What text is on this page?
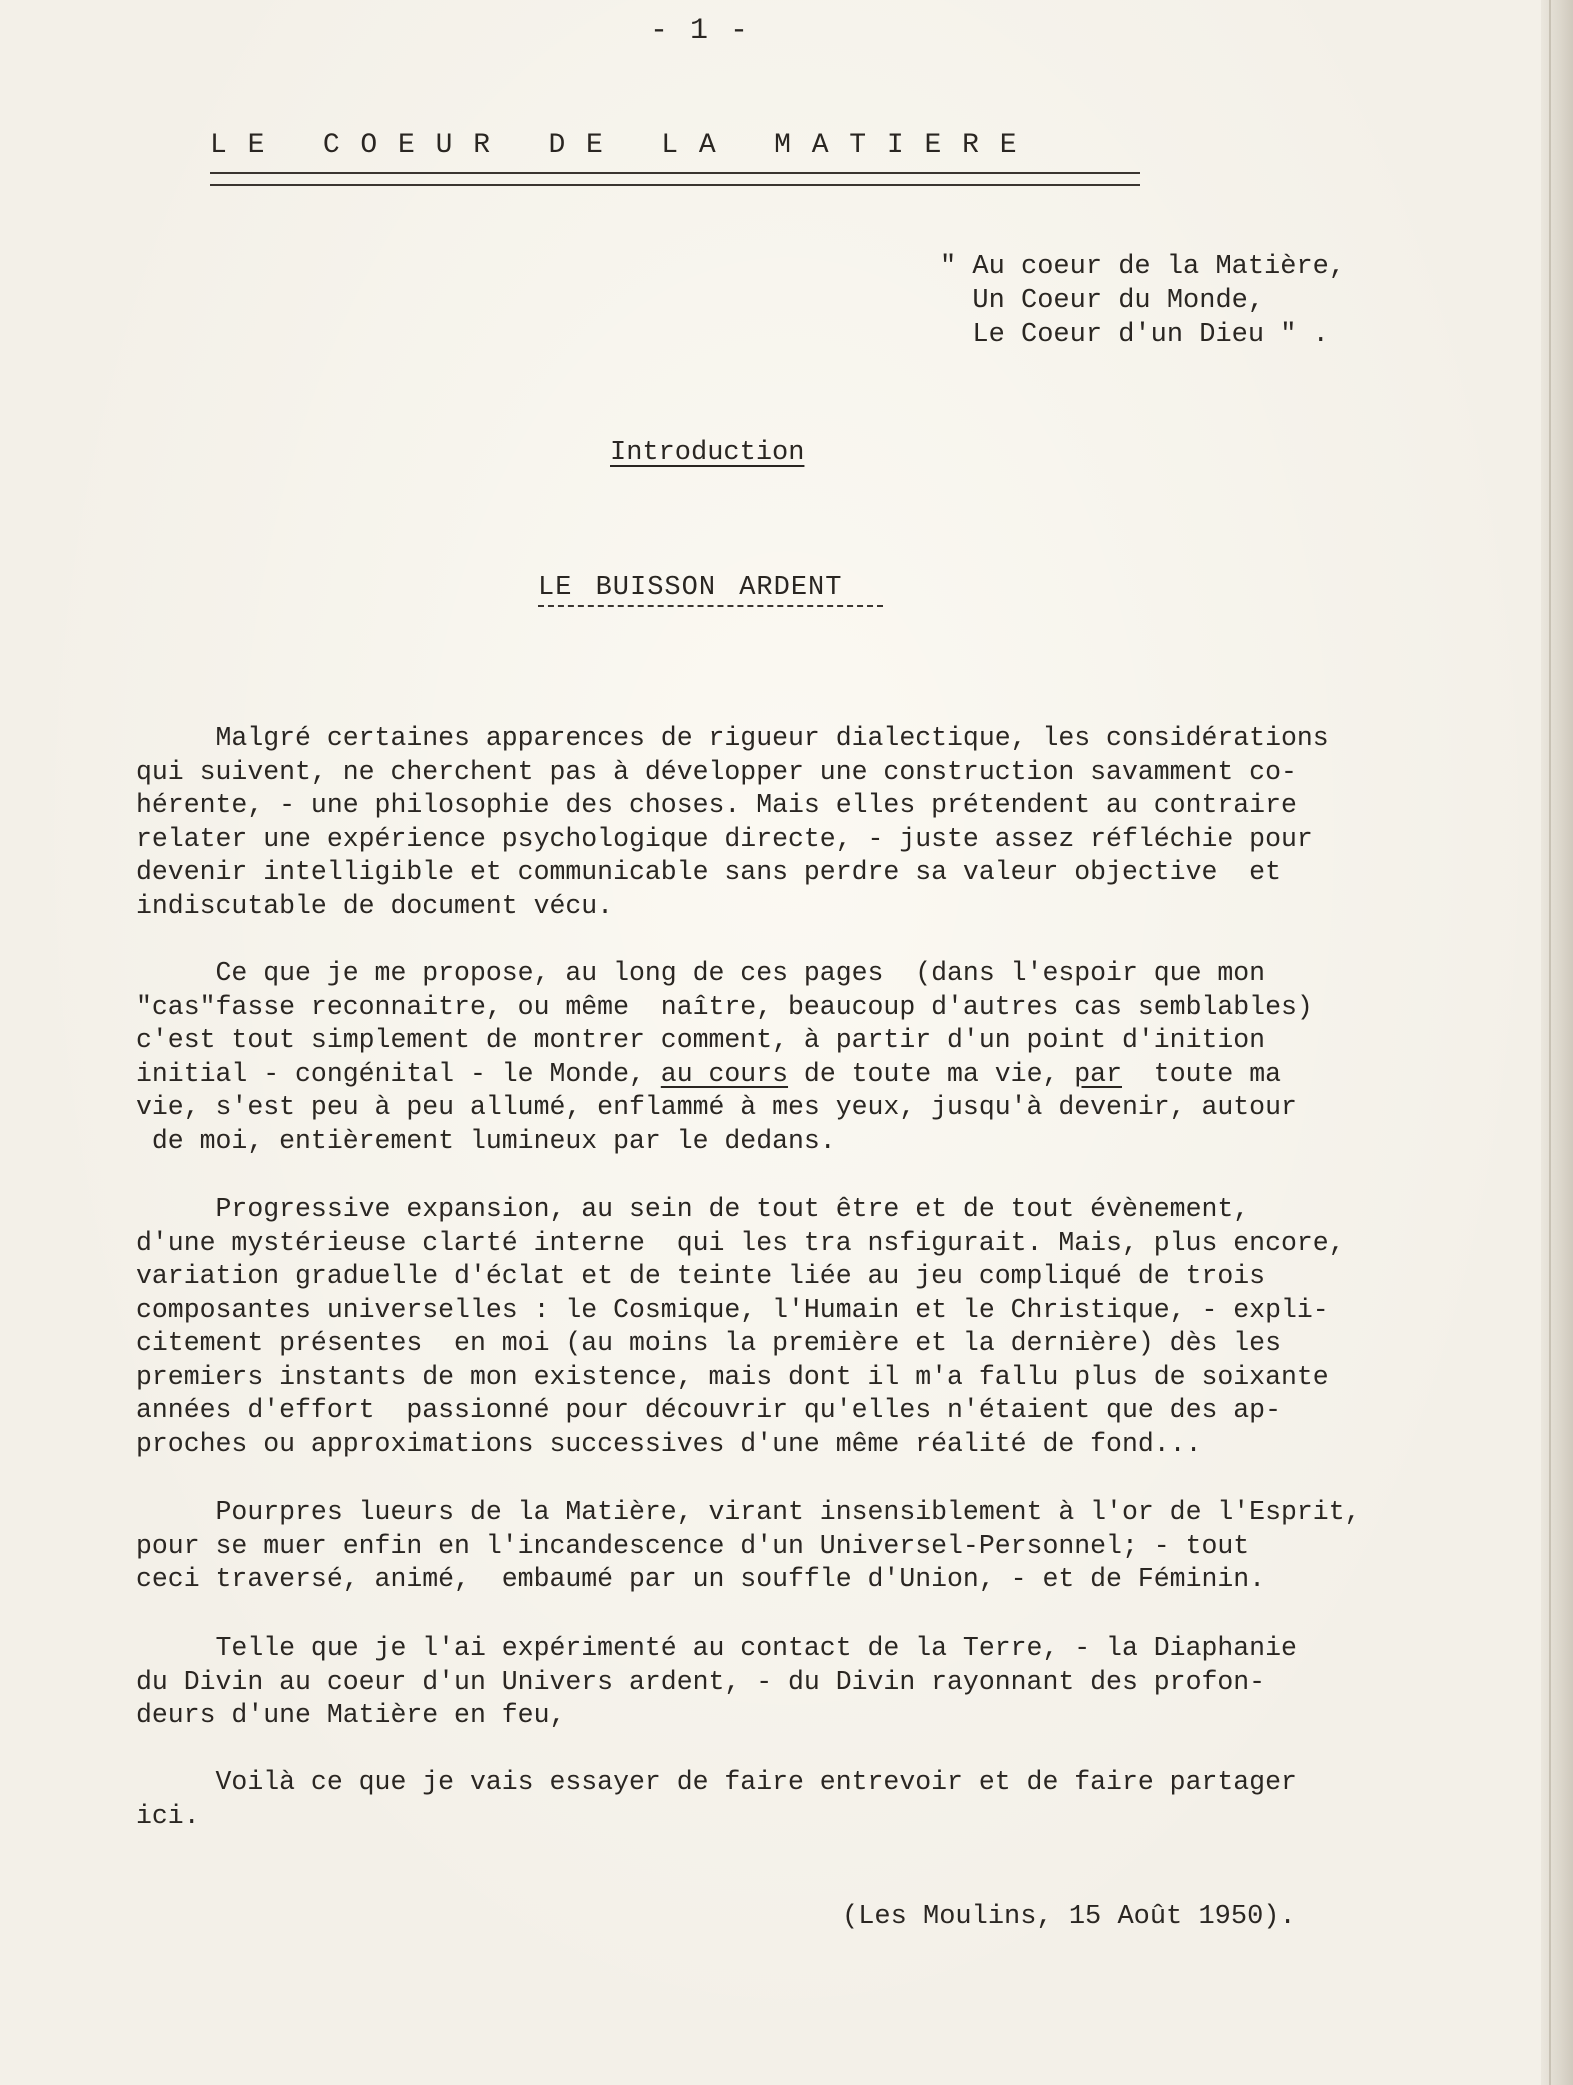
- 1 -
L E   C O E U R   D E   L A   M A T I E R E
" Au coeur de la Matière,
Un Coeur du Monde,
Le Coeur d'un Dieu " .
Introduction
LE BUISSON ARDENT
Malgré certaines apparences de rigueur dialectique, les considérations
qui suivent, ne cherchent pas à développer une construction savamment co-
hérente, - une philosophie des choses. Mais elles prétendent au contraire
relater une expérience psychologique directe, - juste assez réfléchie pour
devenir intelligible et communicable sans perdre sa valeur objective  et
indiscutable de document vécu.
Ce que je me propose, au long de ces pages  (dans l'espoir que mon
"cas"fasse reconnaitre, ou même  naître, beaucoup d'autres cas semblables)
c'est tout simplement de montrer comment, à partir d'un point d'inition
initial - congénital - le Monde, au cours de toute ma vie, par  toute ma
vie, s'est peu à peu allumé, enflammé à mes yeux, jusqu'à devenir, autour
de moi, entièrement lumineux par le dedans.
Progressive expansion, au sein de tout être et de tout évènement,
d'une mystérieuse clarté interne  qui les tra nsfigurait. Mais, plus encore,
variation graduelle d'éclat et de teinte liée au jeu compliqué de trois
composantes universelles : le Cosmique, l'Humain et le Christique, - expli-
citement présentes  en moi (au moins la première et la dernière) dès les
premiers instants de mon existence, mais dont il m'a fallu plus de soixante
années d'effort  passionné pour découvrir qu'elles n'étaient que des ap-
proches ou approximations successives d'une même réalité de fond...
Pourpres lueurs de la Matière, virant insensiblement à l'or de l'Esprit,
pour se muer enfin en l'incandescence d'un Universel-Personnel; - tout
ceci traversé, animé,  embaumé par un souffle d'Union, - et de Féminin.
Telle que je l'ai expérimenté au contact de la Terre, - la Diaphanie
du Divin au coeur d'un Univers ardent, - du Divin rayonnant des profon-
deurs d'une Matière en feu,
Voilà ce que je vais essayer de faire entrevoir et de faire partager
ici.
(Les Moulins, 15 Août 1950).
